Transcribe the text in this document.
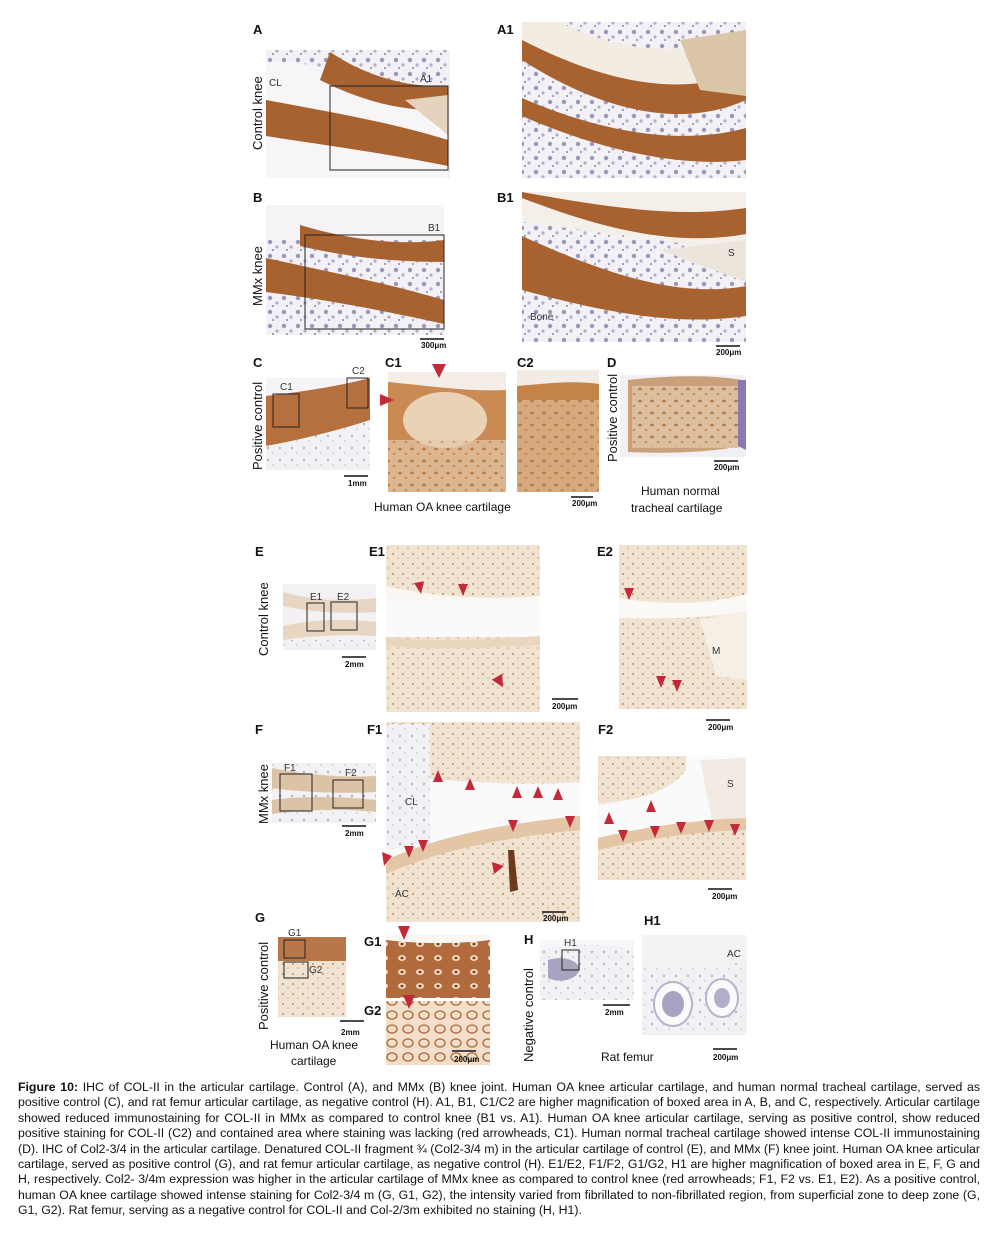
A
CL	A1
Control knee
A1
B
B1
300μm
MMx knee
B1
S
Bone
200μm
C
C1
C2
1mm
Positive control
C1	C2
200μm
Human OA knee cartilage
D
200μm
Positive control
Human normal
tracheal cartilage
E
E1 E2
2mm
Control knee
E1
200μm
E2
M
200μm
F
F1	F2
2mm
MMx knee
F1
CL
AC
200μm
F2
S
200μm
G
G1
G2
2mm
Positive control
Human OA knee
cartilage
G1
G2
200μm
H	H1
2mm
Negative control	Rat femur
H1
AC
200μm
Figure 10: IHC of COL-II in the articular cartilage. Control (A), and MMx (B) knee joint. Human OA knee articular cartilage, and human normal tracheal cartilage, served as positive control (C), and rat femur articular cartilage, as negative control (H). A1, B1, C1/C2 are higher magnification of boxed area in A, B, and C, respectively. Articular cartilage showed reduced immunostaining for COL-II in MMx as compared to control knee (B1 vs. A1). Human OA knee articular cartilage, serving as positive control, show reduced positive staining for COL-II (C2) and contained area where staining was lacking (red arrowheads, C1). Human normal tracheal cartilage showed intense COL-II immunostaining (D). IHC of Col2-3/4 in the articular cartilage. Denatured COL-II fragment ¾ (Col2-3/4 m) in the articular cartilage of control (E), and MMx (F) knee joint. Human OA knee articular cartilage, served as positive control (G), and rat femur articular cartilage, as negative control (H). E1/E2, F1/F2, G1/G2, H1 are higher magnification of boxed area in E, F, G and H, respectively. Col2- 3/4m expression was higher in the articular cartilage of MMx knee as compared to control knee (red arrowheads; F1, F2 vs. E1, E2). As a positive control, human OA knee cartilage showed intense staining for Col2-3/4 m (G, G1, G2), the intensity varied from fibrillated to non-fibrillated region, from superficial zone to deep zone (G, G1, G2). Rat femur, serving as a negative control for COL-II and Col-2/3m exhibited no staining (H, H1).
